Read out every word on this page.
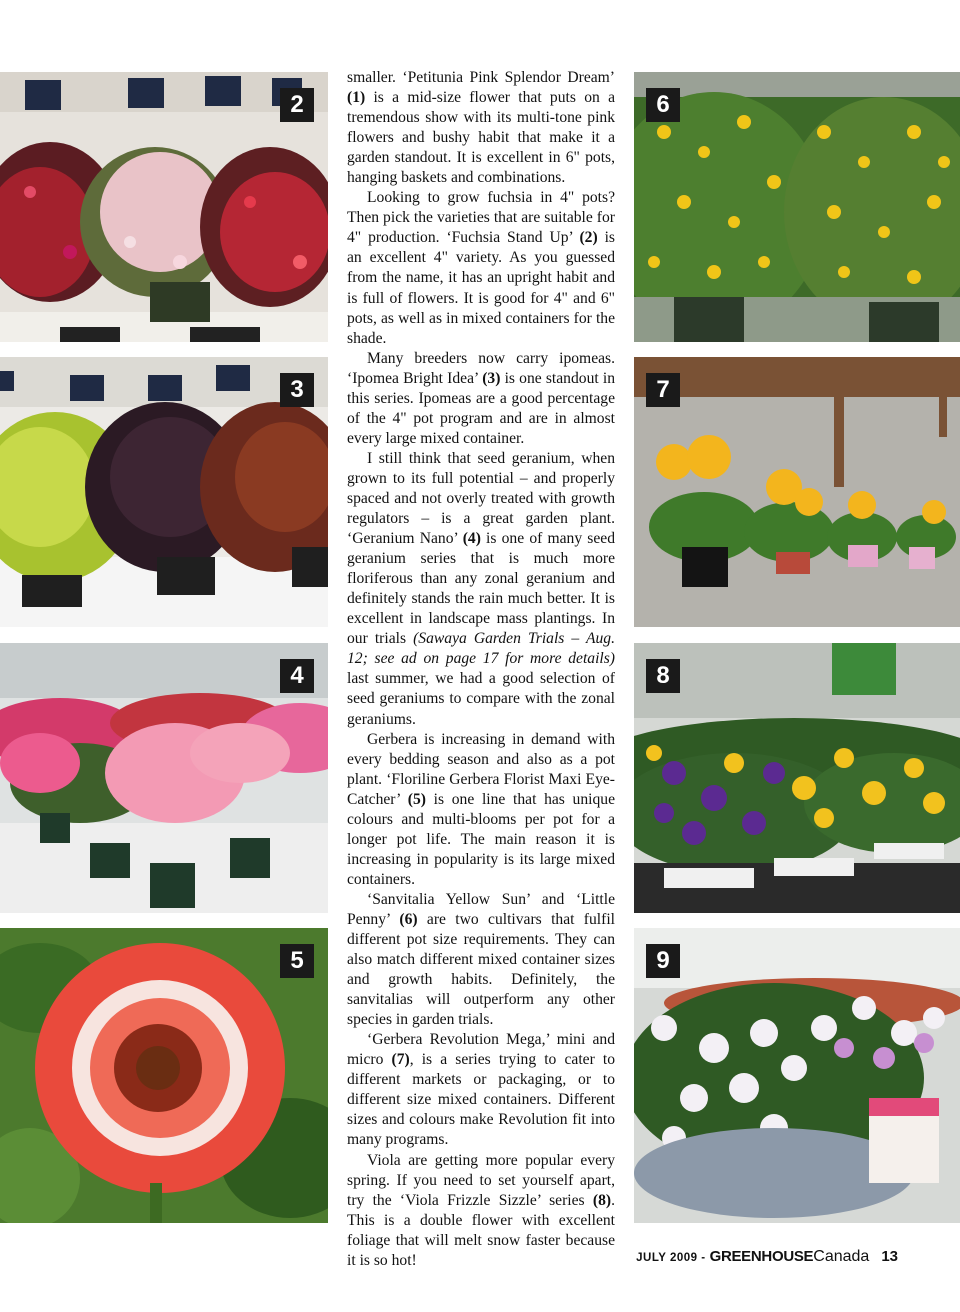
2
3
4
5
6
7
8
9

smaller. ‘Petitunia Pink Splendor Dream’ (1) is a mid-size flower that puts on a tremendous show with its multi-tone pink flowers and bushy habit that make it a garden standout. It is excellent in 6" pots, hanging baskets and combinations.

Looking to grow fuchsia in 4" pots? Then pick the varieties that are suitable for 4" production. ‘Fuchsia Stand Up’ (2) is an excellent 4" variety. As you guessed from the name, it has an upright habit and is full of flowers. It is good for 4" and 6" pots, as well as in mixed containers for the shade.

Many breeders now carry ipomeas. ‘Ipomea Bright Idea’ (3) is one standout in this series. Ipomeas are a good percentage of the 4" pot program and are in almost every large mixed container.

I still think that seed geranium, when grown to its full potential – and properly spaced and not overly treated with growth regulators – is a great garden plant. ‘Geranium Nano’ (4) is one of many seed geranium series that is much more floriferous than any zonal geranium and definitely stands the rain much better. It is excellent in landscape mass plantings. In our trials (Sawaya Garden Trials – Aug. 12; see ad on page 17 for more details) last summer, we had a good selection of seed geraniums to compare with the zonal geraniums.

Gerbera is increasing in demand with every bedding season and also as a pot plant. ‘Floriline Gerbera Florist Maxi Eye-Catcher’ (5) is one line that has unique colours and multi-blooms per pot for a longer pot life. The main reason it is increasing in popularity is its large mixed containers.

‘Sanvitalia Yellow Sun’ and ‘Little Penny’ (6) are two cultivars that fulfil different pot size requirements. They can also match different mixed container sizes and growth habits. Definitely, the sanvitalias will outperform any other species in garden trials.

‘Gerbera Revolution Mega,’ mini and micro (7), is a series trying to cater to different markets or packaging, or to different size mixed containers. Different sizes and colours make Revolution fit into many programs.

Viola are getting more popular every spring. If you need to set yourself apart, try the ‘Viola Frizzle Sizzle’ series (8). This is a double flower with excellent foliage that will melt snow faster because it is so hot!	JULY 2009 - GREENHOUSECanada 13
